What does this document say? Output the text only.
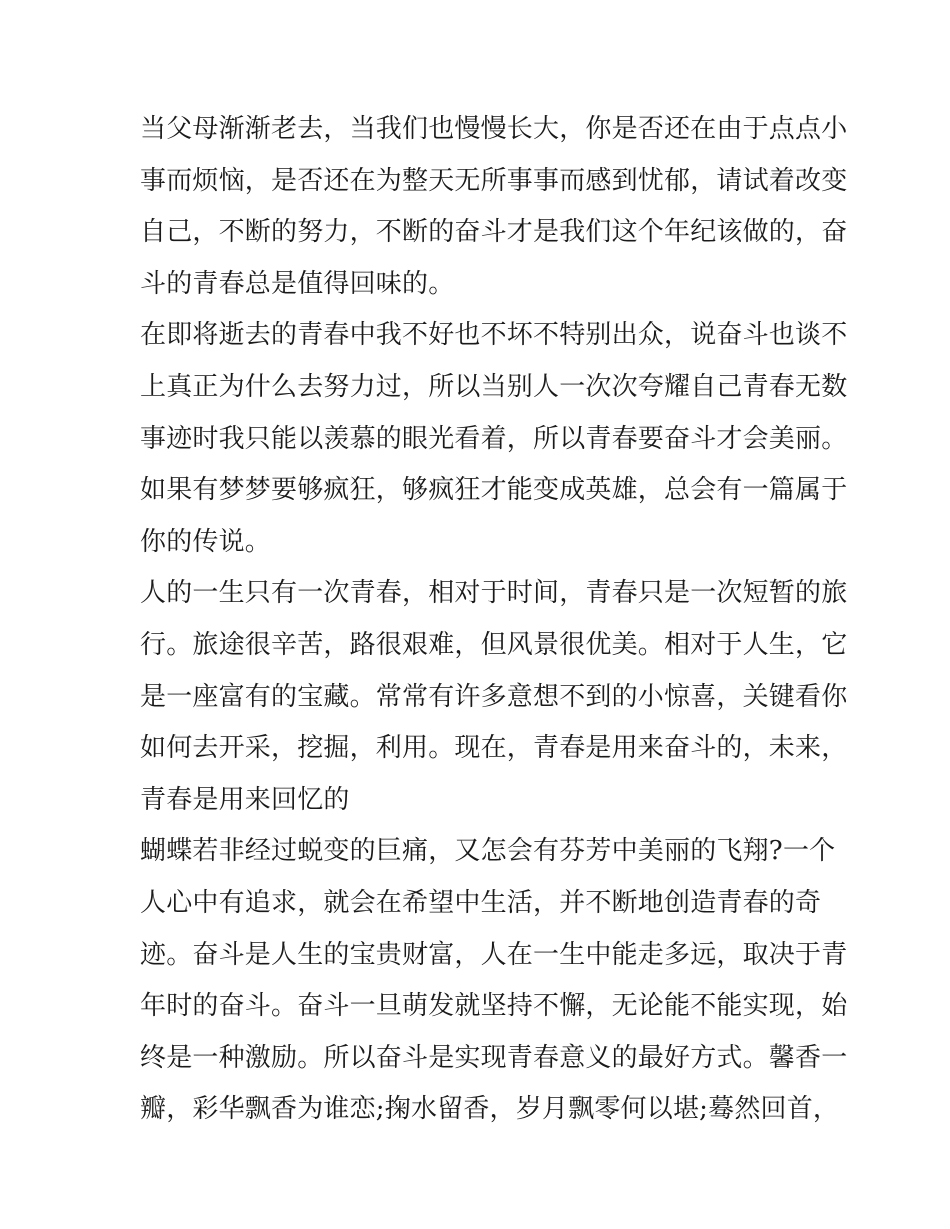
当父母渐渐老去，当我们也慢慢长大，你是否还在由于点点小
事而烦恼，是否还在为整天无所事事而感到忧郁，请试着改变
自己，不断的努力，不断的奋斗才是我们这个年纪该做的，奋
斗的青春总是值得回味的。
在即将逝去的青春中我不好也不坏不特别出众，说奋斗也谈不
上真正为什么去努力过，所以当别人一次次夸耀自己青春无数
事迹时我只能以羡慕的眼光看着，所以青春要奋斗才会美丽。
如果有梦梦要够疯狂，够疯狂才能变成英雄，总会有一篇属于
你的传说。
人的一生只有一次青春，相对于时间，青春只是一次短暂的旅
行。旅途很辛苦，路很艰难，但风景很优美。相对于人生，它
是一座富有的宝藏。常常有许多意想不到的小惊喜，关键看你
如何去开采，挖掘，利用。现在，青春是用来奋斗的，未来，
青春是用来回忆的
蝴蝶若非经过蜕变的巨痛，又怎会有芬芳中美丽的飞翔?一个
人心中有追求，就会在希望中生活，并不断地创造青春的奇
迹。奋斗是人生的宝贵财富，人在一生中能走多远，取决于青
年时的奋斗。奋斗一旦萌发就坚持不懈，无论能不能实现，始
终是一种激励。所以奋斗是实现青春意义的最好方式。馨香一
瓣，彩华飘香为谁恋;掬水留香，岁月飘零何以堪;蓦然回首，
